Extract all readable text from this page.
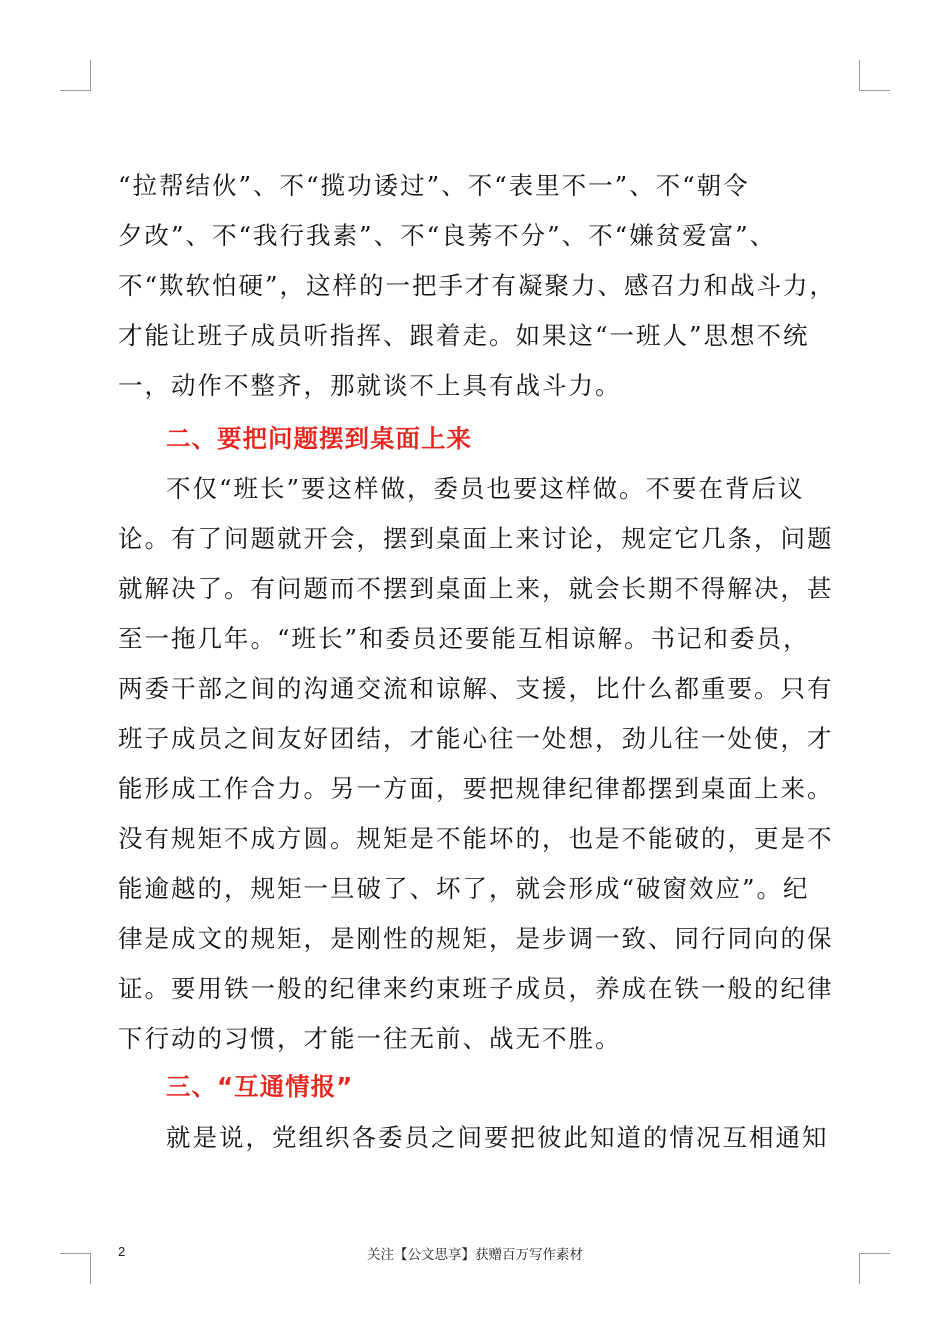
“拉帮结伙”、不“揽功诿过”、不“表里不一”、不“朝令
夕改”、不“我行我素”、不“良莠不分”、不“嫌贫爱富”、
不“欺软怕硬”，这样的一把手才有凝聚力、感召力和战斗力，
才能让班子成员听指挥、跟着走。如果这“一班人”思想不统
一，动作不整齐，那就谈不上具有战斗力。
二、要把问题摆到桌面上来
不仅“班长”要这样做，委员也要这样做。不要在背后议
论。有了问题就开会，摆到桌面上来讨论，规定它几条，问题
就解决了。有问题而不摆到桌面上来，就会长期不得解决，甚
至一拖几年。“班长”和委员还要能互相谅解。书记和委员，
两委干部之间的沟通交流和谅解、支援，比什么都重要。只有
班子成员之间友好团结，才能心往一处想，劲儿往一处使，才
能形成工作合力。另一方面，要把规律纪律都摆到桌面上来。
没有规矩不成方圆。规矩是不能坏的，也是不能破的，更是不
能逾越的，规矩一旦破了、坏了，就会形成“破窗效应”。纪
律是成文的规矩，是刚性的规矩，是步调一致、同行同向的保
证。要用铁一般的纪律来约束班子成员，养成在铁一般的纪律
下行动的习惯，才能一往无前、战无不胜。
三、“互通情报”
就是说，党组织各委员之间要把彼此知道的情况互相通知
2	关注【公文思享】获赠百万写作素材
